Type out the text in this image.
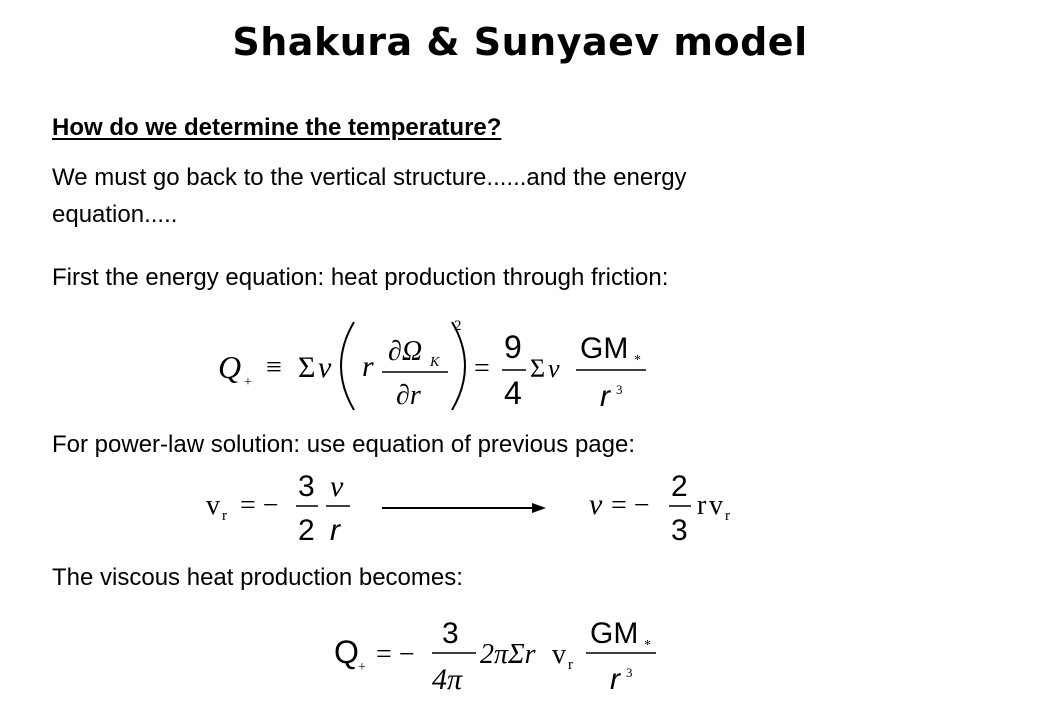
Shakura & Sunyaev model
How do we determine the temperature?
We must go back to the vertical structure......and the energy
equation.....
First the energy equation: heat production through friction:
Q + ≡ Σ ν r ∂Ω K
∂r
2
=
9
4
Σ ν
GM *
r 3
For power-law solution: use equation of previous page:
v r = −
3
2
ν
r
ν = −
2
3
r v r
The viscous heat production becomes:
Q + = −
3
4π
2πΣr v r
GM *
r 3
